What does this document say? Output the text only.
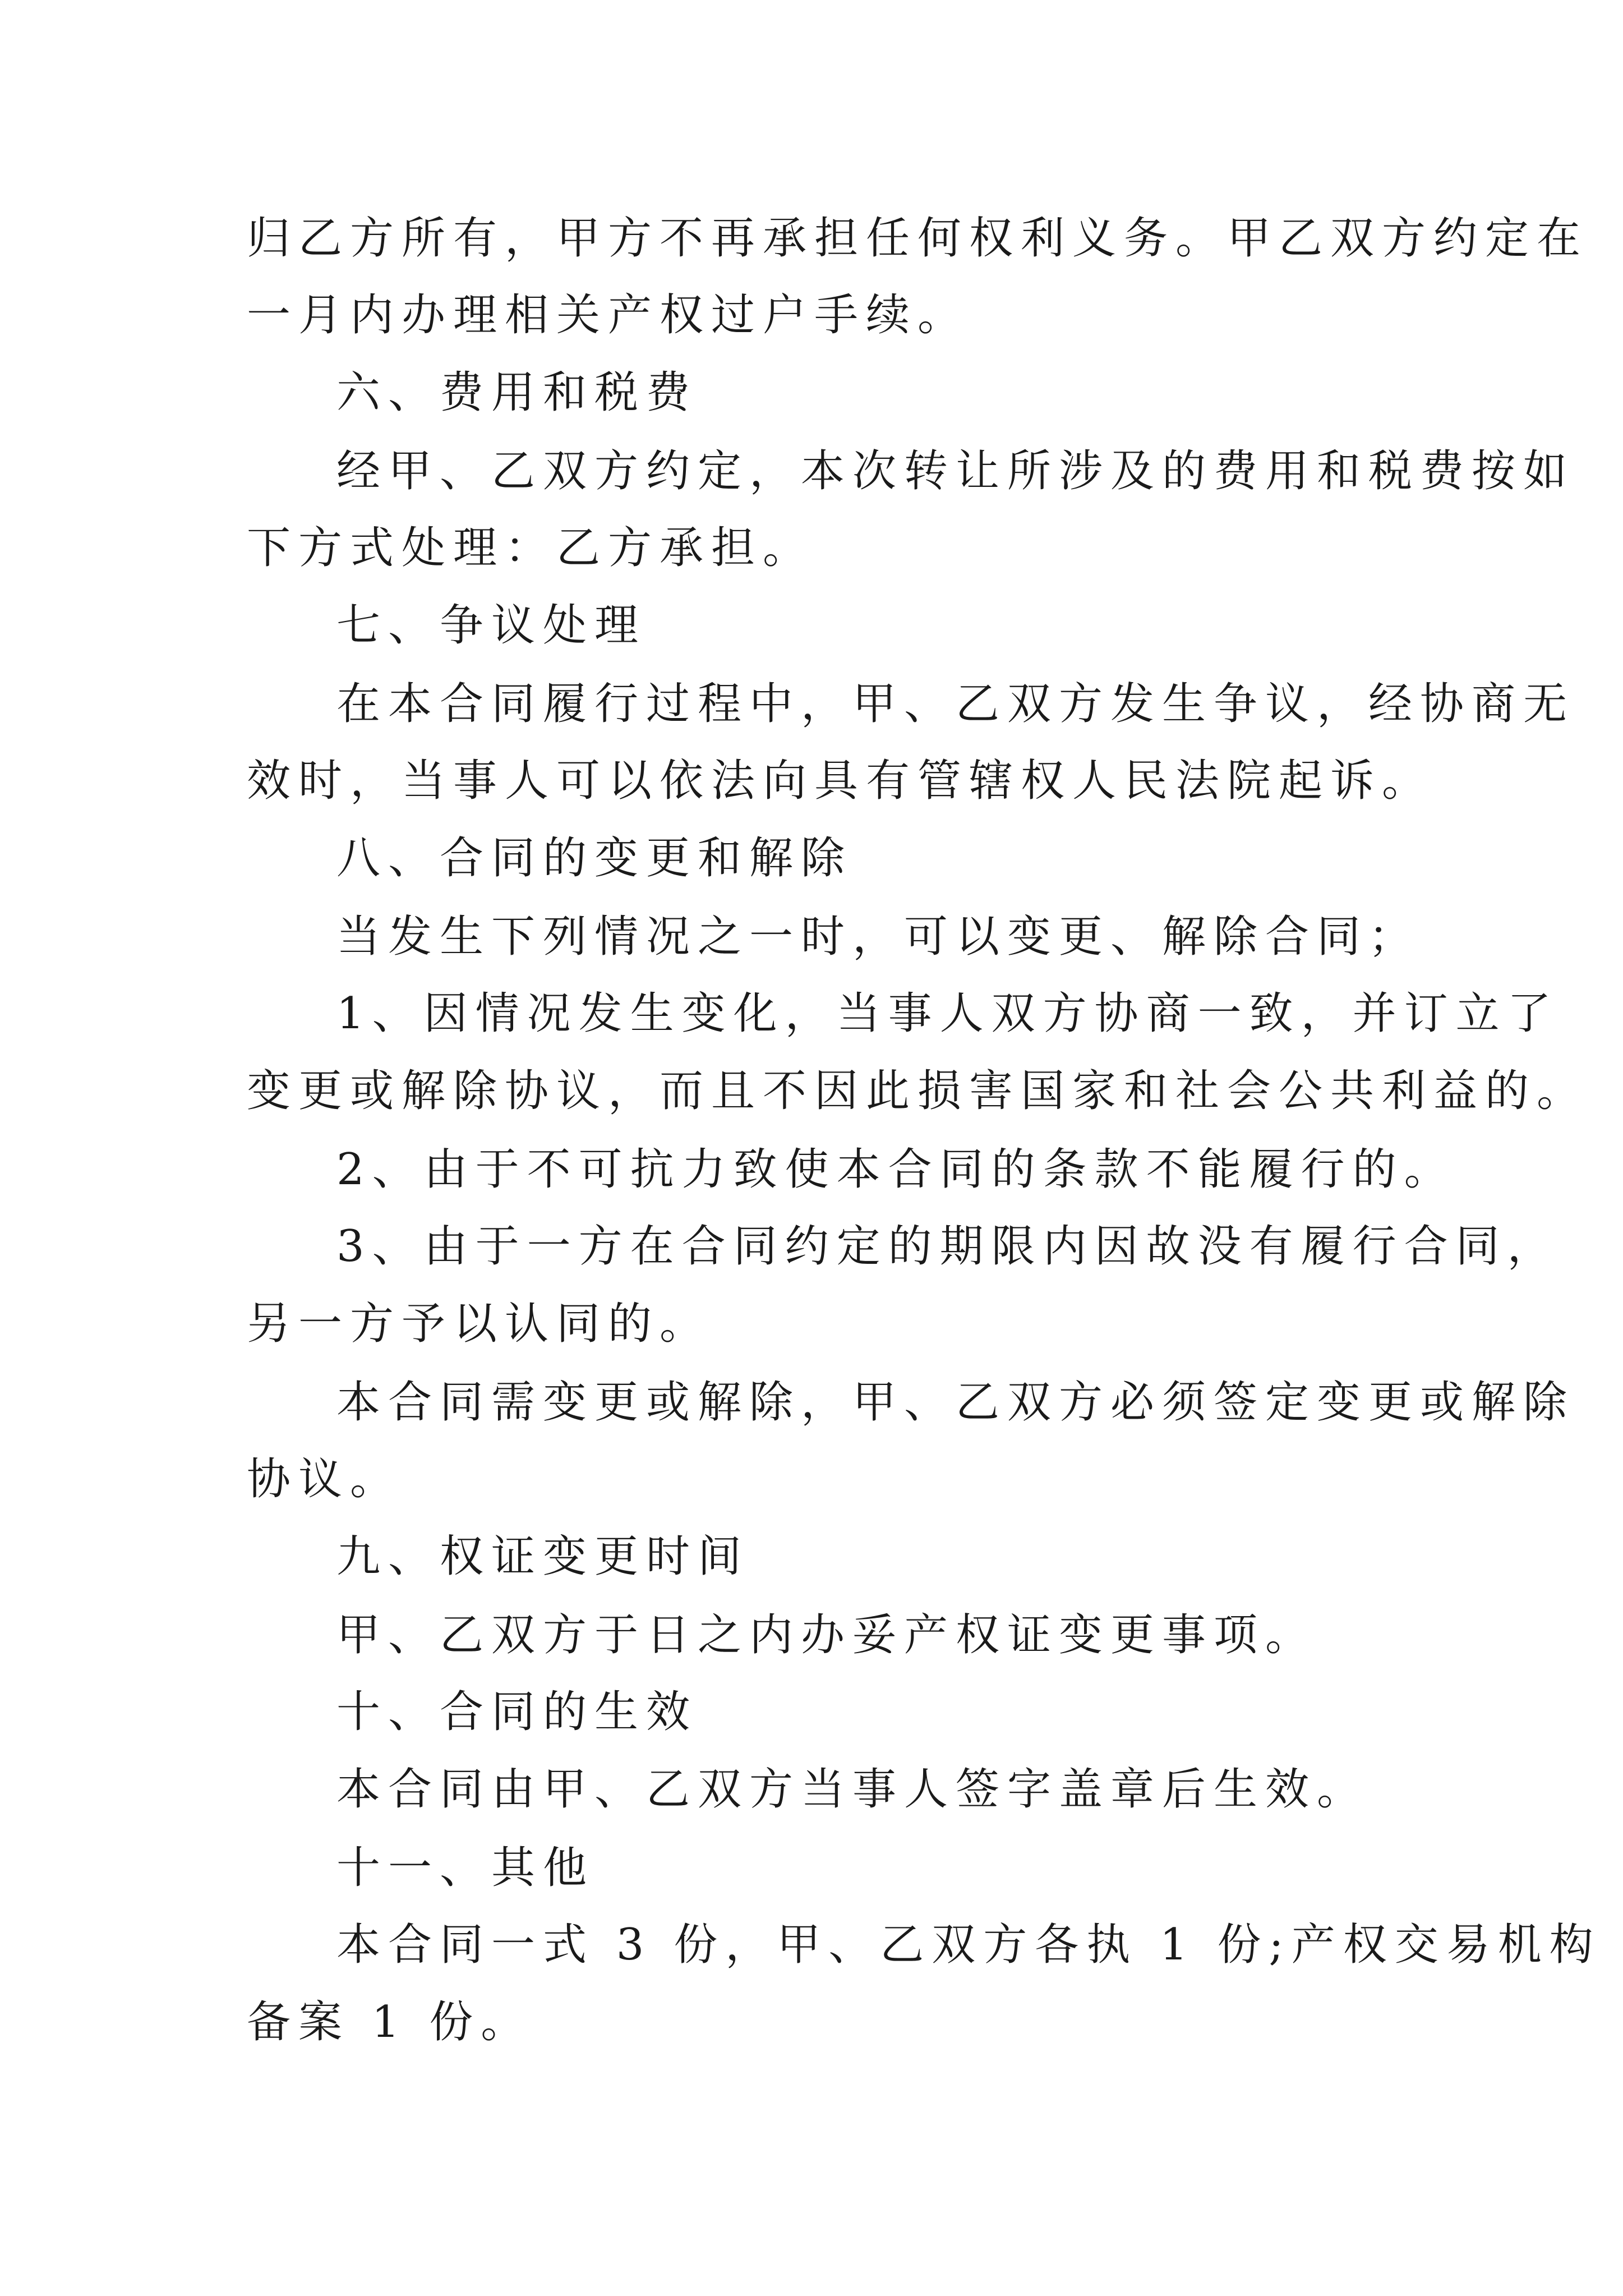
归乙方所有，甲方不再承担任何权利义务。甲乙双方约定在
一月内办理相关产权过户手续。
六、费用和税费
经甲、乙双方约定，本次转让所涉及的费用和税费按如
下方式处理：乙方承担。
七、争议处理
在本合同履行过程中，甲、乙双方发生争议，经协商无
效时，当事人可以依法向具有管辖权人民法院起诉。
八、合同的变更和解除
当发生下列情况之一时，可以变更、解除合同；
1、因情况发生变化，当事人双方协商一致，并订立了
变更或解除协议，而且不因此损害国家和社会公共利益的。
2、由于不可抗力致使本合同的条款不能履行的。
3、由于一方在合同约定的期限内因故没有履行合同，
另一方予以认同的。
本合同需变更或解除，甲、乙双方必须签定变更或解除
协议。
九、权证变更时间
甲、乙双方于日之内办妥产权证变更事项。
十、合同的生效
本合同由甲、乙双方当事人签字盖章后生效。
十一、其他
本合同一式 3 份，甲、乙双方各执 1 份;产权交易机构
备案 1 份。
